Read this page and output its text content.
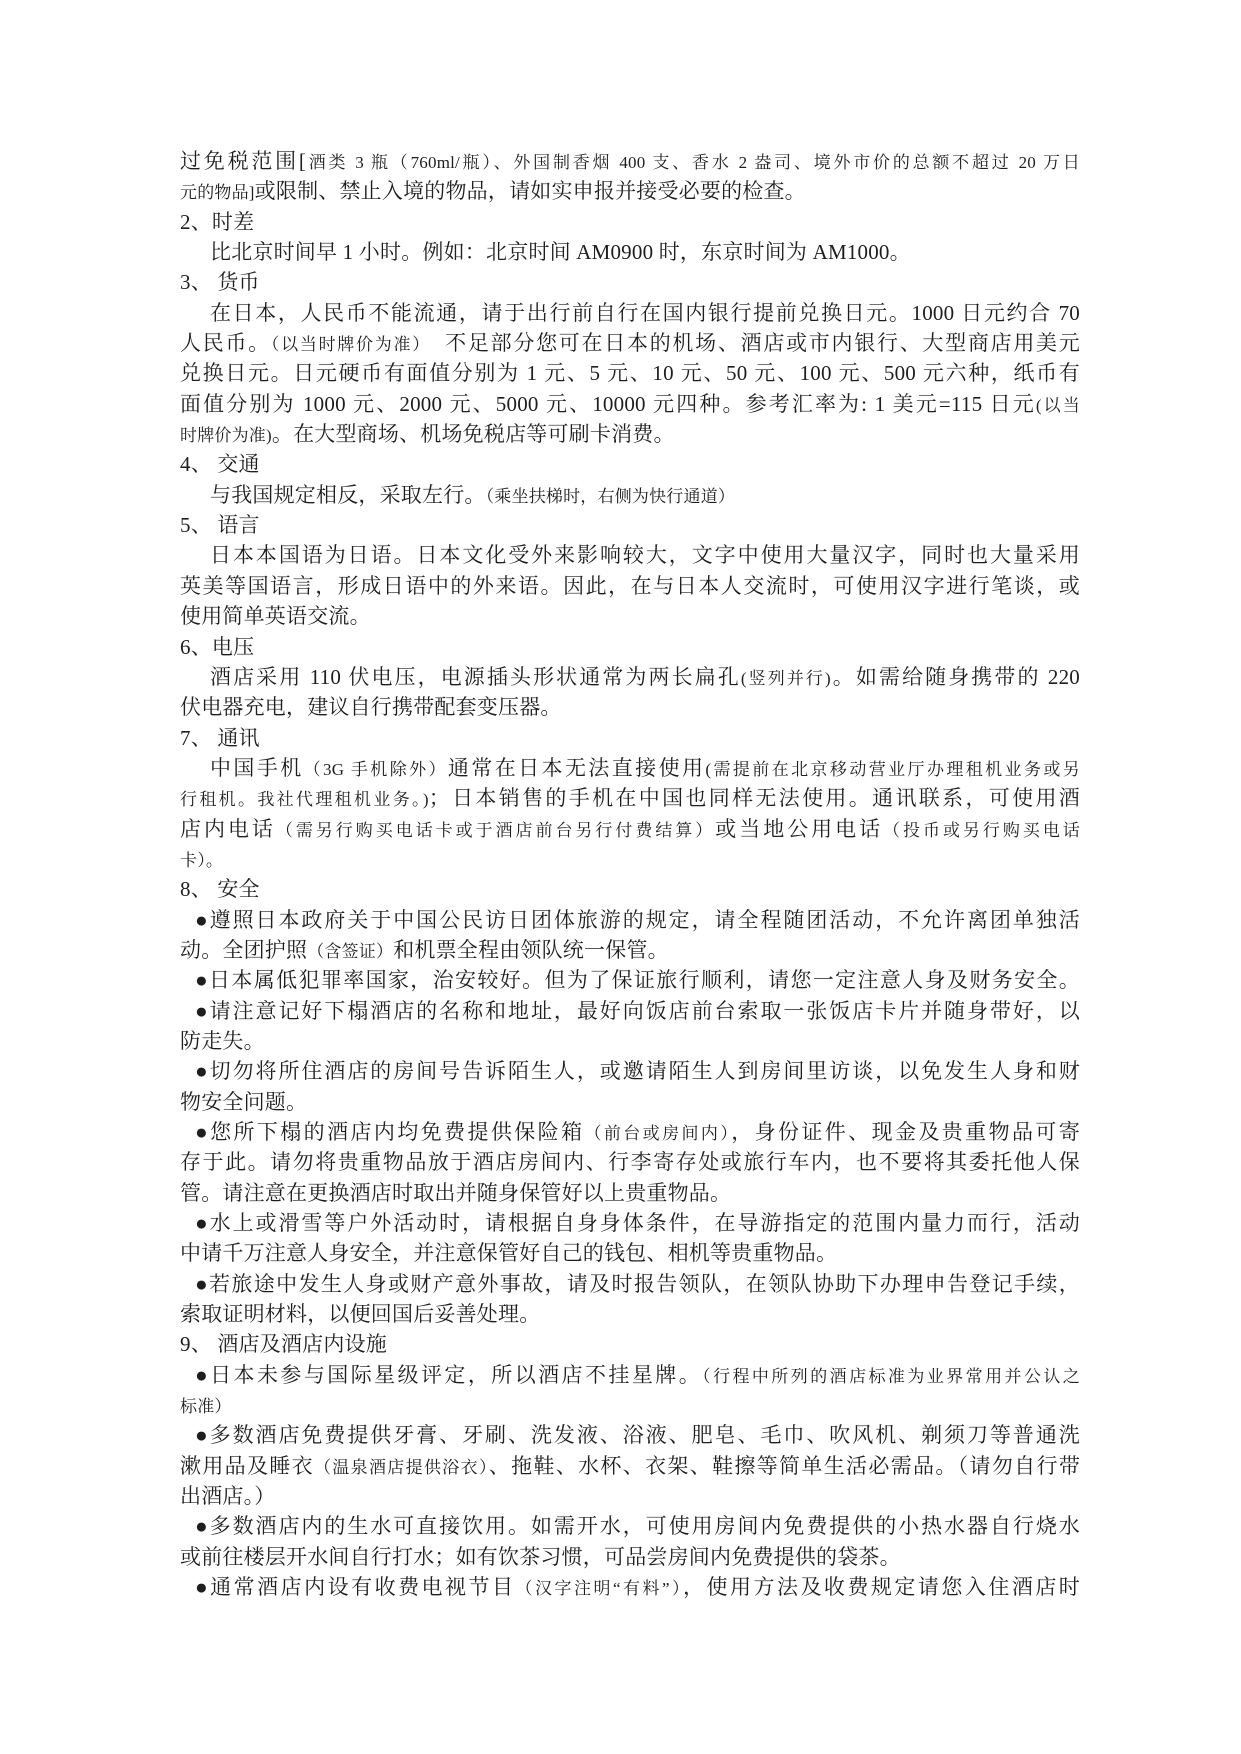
过免税范围[酒类 3 瓶（760ml/瓶）、外国制香烟 400 支、香水 2 盎司、境外市价的总额不超过 20 万日
元的物品]或限制、禁止入境的物品，请如实申报并接受必要的检查。
2、时差
比北京时间早 1 小时。例如：北京时间 AM0900 时，东京时间为 AM1000。
3、 货币
在日本，人民币不能流通，请于出行前自行在国内银行提前兑换日元。1000 日元约合 70
人民币。（以当时牌价为准）　不足部分您可在日本的机场、酒店或市内银行、大型商店用美元
兑换日元。日元硬币有面值分别为 1 元、5 元、10 元、50 元、100 元、500 元六种，纸币有
面值分别为 1000 元、2000 元、5000 元、10000 元四种。参考汇率为: 1 美元=115 日元(以当
时牌价为准)。在大型商场、机场免税店等可刷卡消费。
4、 交通
与我国规定相反，采取左行。（乘坐扶梯时，右侧为快行通道）
5、 语言
日本本国语为日语。日本文化受外来影响较大，文字中使用大量汉字，同时也大量采用
英美等国语言，形成日语中的外来语。因此，在与日本人交流时，可使用汉字进行笔谈，或
使用简单英语交流。
6、电压
酒店采用 110 伏电压，电源插头形状通常为两长扁孔(竖列并行)。如需给随身携带的 220
伏电器充电，建议自行携带配套变压器。
7、 通讯
中国手机（3G 手机除外）通常在日本无法直接使用(需提前在北京移动营业厅办理租机业务或另
行租机。我社代理租机业务。)；日本销售的手机在中国也同样无法使用。通讯联系，可使用酒
店内电话（需另行购买电话卡或于酒店前台另行付费结算）或当地公用电话（投币或另行购买电话
卡）。
8、 安全
●遵照日本政府关于中国公民访日团体旅游的规定，请全程随团活动，不允许离团单独活
动。全团护照（含签证）和机票全程由领队统一保管。
●日本属低犯罪率国家，治安较好。但为了保证旅行顺利，请您一定注意人身及财务安全。
●请注意记好下榻酒店的名称和地址，最好向饭店前台索取一张饭店卡片并随身带好，以
防走失。
●切勿将所住酒店的房间号告诉陌生人，或邀请陌生人到房间里访谈，以免发生人身和财
物安全问题。
●您所下榻的酒店内均免费提供保险箱（前台或房间内），身份证件、现金及贵重物品可寄
存于此。请勿将贵重物品放于酒店房间内、行李寄存处或旅行车内，也不要将其委托他人保
管。请注意在更换酒店时取出并随身保管好以上贵重物品。
●水上或滑雪等户外活动时，请根据自身身体条件，在导游指定的范围内量力而行，活动
中请千万注意人身安全，并注意保管好自己的钱包、相机等贵重物品。
●若旅途中发生人身或财产意外事故，请及时报告领队，在领队协助下办理申告登记手续，
索取证明材料，以便回国后妥善处理。
9、 酒店及酒店内设施
●日本未参与国际星级评定，所以酒店不挂星牌。（行程中所列的酒店标准为业界常用并公认之
标准）
●多数酒店免费提供牙膏、牙刷、洗发液、浴液、肥皂、毛巾、吹风机、剃须刀等普通洗
漱用品及睡衣（温泉酒店提供浴衣）、拖鞋、水杯、衣架、鞋擦等简单生活必需品。（请勿自行带
出酒店。）
●多数酒店内的生水可直接饮用。如需开水，可使用房间内免费提供的小热水器自行烧水
或前往楼层开水间自行打水；如有饮茶习惯，可品尝房间内免费提供的袋茶。
●通常酒店内设有收费电视节目（汉字注明“有料”），使用方法及收费规定请您入住酒店时
